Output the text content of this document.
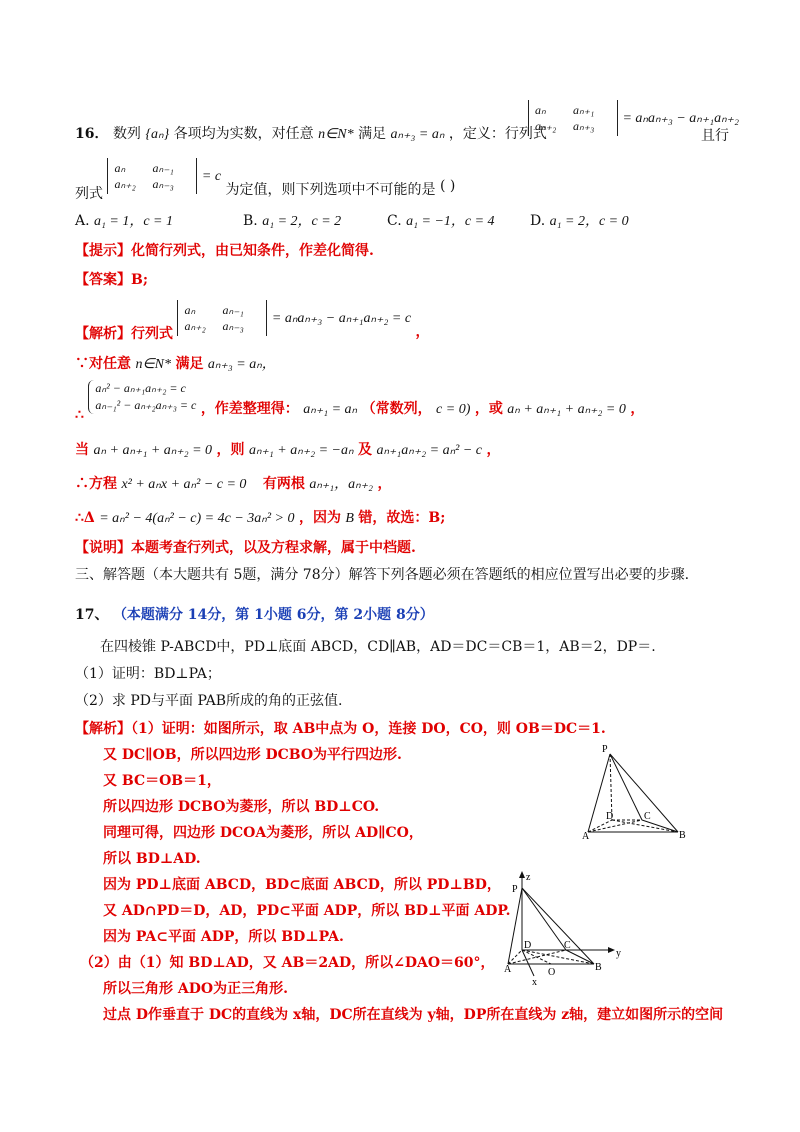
16． 数列 {aₙ} 各项均为实数，对任意 n∈N* 满足 aₙ₊₃ = aₙ ，定义：行列式
aₙ aₙ₊₁
aₙ₊₂ aₙ₊₃	= aₙaₙ₊₃ − aₙ₊₁aₙ₊₂
且行
列式
aₙ aₙ₋₁
aₙ₊₂ aₙ₋₃	= c 为定值，则下列选项中不可能的是 ( )
A. a₁ = 1，c = 1	B. a₁ = 2，c = 2	C. a₁ = −1，c = 4	D. a₁ = 2，c = 0
【提示】化简行列式，由已知条件，作差化简得.
【答案】B;
【解析】行列式
aₙ aₙ₋₁
aₙ₊₂ aₙ₋₃	= aₙaₙ₊₃ − aₙ₊₁aₙ₊₂ = c ，
∵对任意 n∈N* 满足 aₙ₊₃ = aₙ，
∴
aₙ² − aₙ₊₁aₙ₊₂ = c
aₙ₋₁² − aₙ₊₂aₙ₊₃ = c ，作差整理得： aₙ₊₁ = aₙ （常数列， c = 0) ，或 aₙ + aₙ₊₁ + aₙ₊₂ = 0 ，
当 aₙ + aₙ₊₁ + aₙ₊₂ = 0 ，则 aₙ₊₁ + aₙ₊₂ = −aₙ 及 aₙ₊₁aₙ₊₂ = aₙ² − c ，
∴方程 x² + aₙx + aₙ² − c = 0 有两根 aₙ₊₁，aₙ₊₂ ，
∴Δ = aₙ² − 4(aₙ² − c) = 4c − 3aₙ² > 0 ，因为 B 错，故选：B;
【说明】本题考查行列式，以及方程求解，属于中档题.
三、解答题（本大题共有 5题，满分 78分）解答下列各题必须在答题纸的相应位置写出必要的步骤.
17、 （本题满分 14分，第 1小题 6分，第 2小题 8分）
在四棱锥 P-ABCD中，PD⊥底面 ABCD，CD∥AB，AD＝DC＝CB＝1，AB＝2，DP＝.
（1）证明：BD⊥PA；
（2）求 PD与平面 PAB所成的角的正弦值.
【解析】（1）证明：如图所示，取 AB中点为 O，连接 DO，CO，则 OB＝DC＝1.
又 DC∥OB，所以四边形 DCBO为平行四边形.
又 BC＝OB＝1，
所以四边形 DCBO为菱形，所以 BD⊥CO.
同理可得，四边形 DCOA为菱形，所以 AD∥CO，
所以 BD⊥AD.
因为 PD⊥底面 ABCD，BD⊂底面 ABCD，所以 PD⊥BD，
又 AD∩PD＝D，AD，PD⊂平面 ADP，所以 BD⊥平面 ADP.
因为 PA⊂平面 ADP，所以 BD⊥PA.
（2）由（1）知 BD⊥AD，又 AB＝2AD，所以∠DAO＝60°，
所以三角形 ADO为正三角形.
过点 D作垂直于 DC的直线为 x轴，DC所在直线为 y轴，DP所在直线为 z轴，建立如图所示的空间
P
A	B
C
D
z
P
y
A	B
C
D
O
x
